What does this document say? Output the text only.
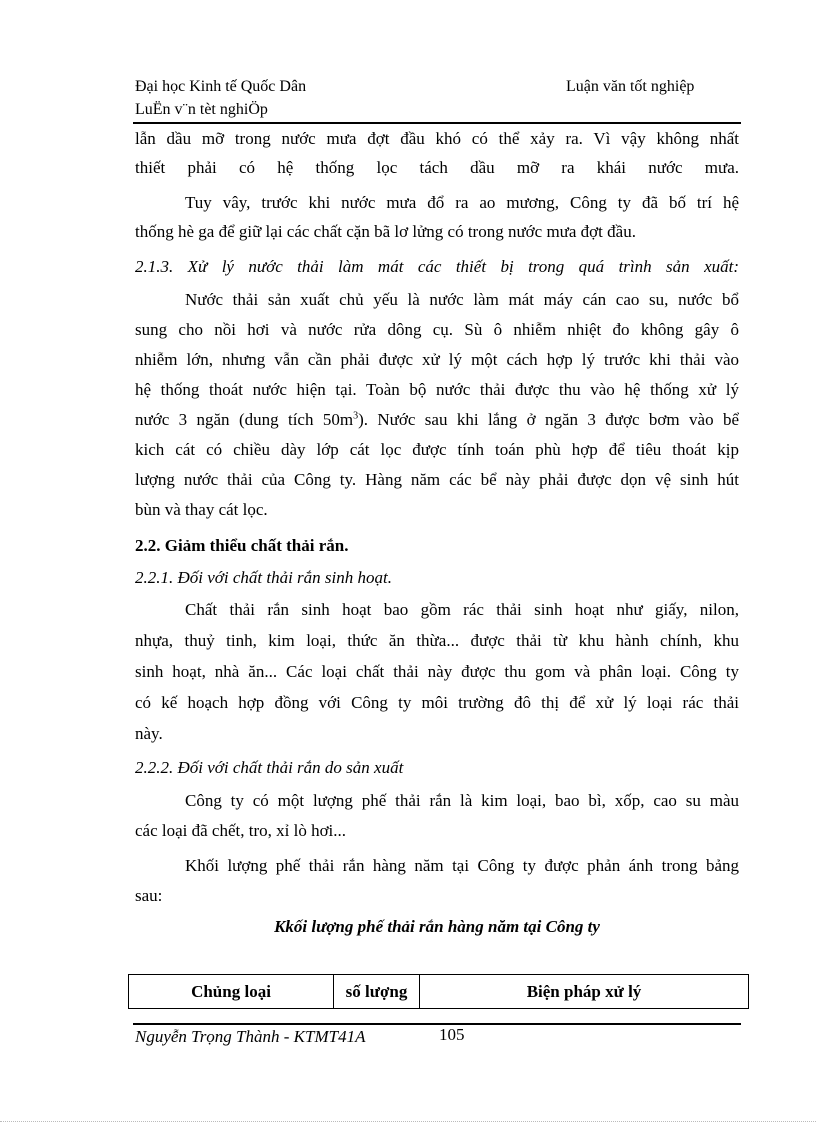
Đại học Kinh tế Quốc Dân	Luận văn tốt nghiệp
LuËn v¨n tèt nghiÖp
lẫn dầu mỡ trong nước mưa đợt đầu khó có thể xảy ra. Vì vậy không nhất
thiết phải có hệ thống lọc tách dầu mỡ ra khái nước mưa.
Tuy vây, trước khi nước mưa đổ ra ao mương, Công ty đã bố trí hệ
thống hè ga để giữ lại các chất cặn bã lơ lửng có trong nước mưa đợt đầu.
2.1.3. Xử lý nước thải làm mát các thiết bị trong quá trình sản xuất:
Nước thải sản xuất chủ yếu là nước làm mát máy cán cao su, nước bổ
sung cho nồi hơi và nước rửa dông cụ. Sù ô nhiễm nhiệt đo không gây ô
nhiễm lớn, nhưng vẫn cần phải được xử lý một cách hợp lý trước khi thải vào
hệ thống thoát nước hiện tại. Toàn bộ nước thải được thu vào hệ thống xử lý
nước 3 ngăn (dung tích $50m^3$). Nước sau khi lắng ở ngăn 3 được bơm vào bể
kich cát có chiều dày lớp cát lọc được tính toán phù hợp để tiêu thoát kịp
lượng nước thải của Công ty. Hàng năm các bể này phải được dọn vệ sinh hút
bùn và thay cát lọc.
2.2. Giảm thiểu chất thải rắn.
2.2.1. Đối với chất thải rắn sinh hoạt.
Chất thải rắn sinh hoạt bao gồm rác thải sinh hoạt như giấy, nilon,
nhựa, thuỷ tinh, kim loại, thức ăn thừa... được thải từ khu hành chính, khu
sinh hoạt, nhà ăn... Các loại chất thải này được thu gom và phân loại. Công ty
có kế hoạch hợp đồng với Công ty môi trường đô thị để xử lý loại rác thải
này.
2.2.2. Đối với chất thải rắn do sản xuất
Công ty có một lượng phế thải rắn là kim loại, bao bì, xốp, cao su màu
các loại đã chết, tro, xỉ lò hơi...
Khối lượng phế thải rắn hàng năm tại Công ty được phản ánh trong bảng
sau:
Kkối lượng phế thải rắn hàng năm tại Công ty
Chủng loại	số lượng	Biện pháp xử lý
Nguyễn Trọng Thành - KTMT41A	105
